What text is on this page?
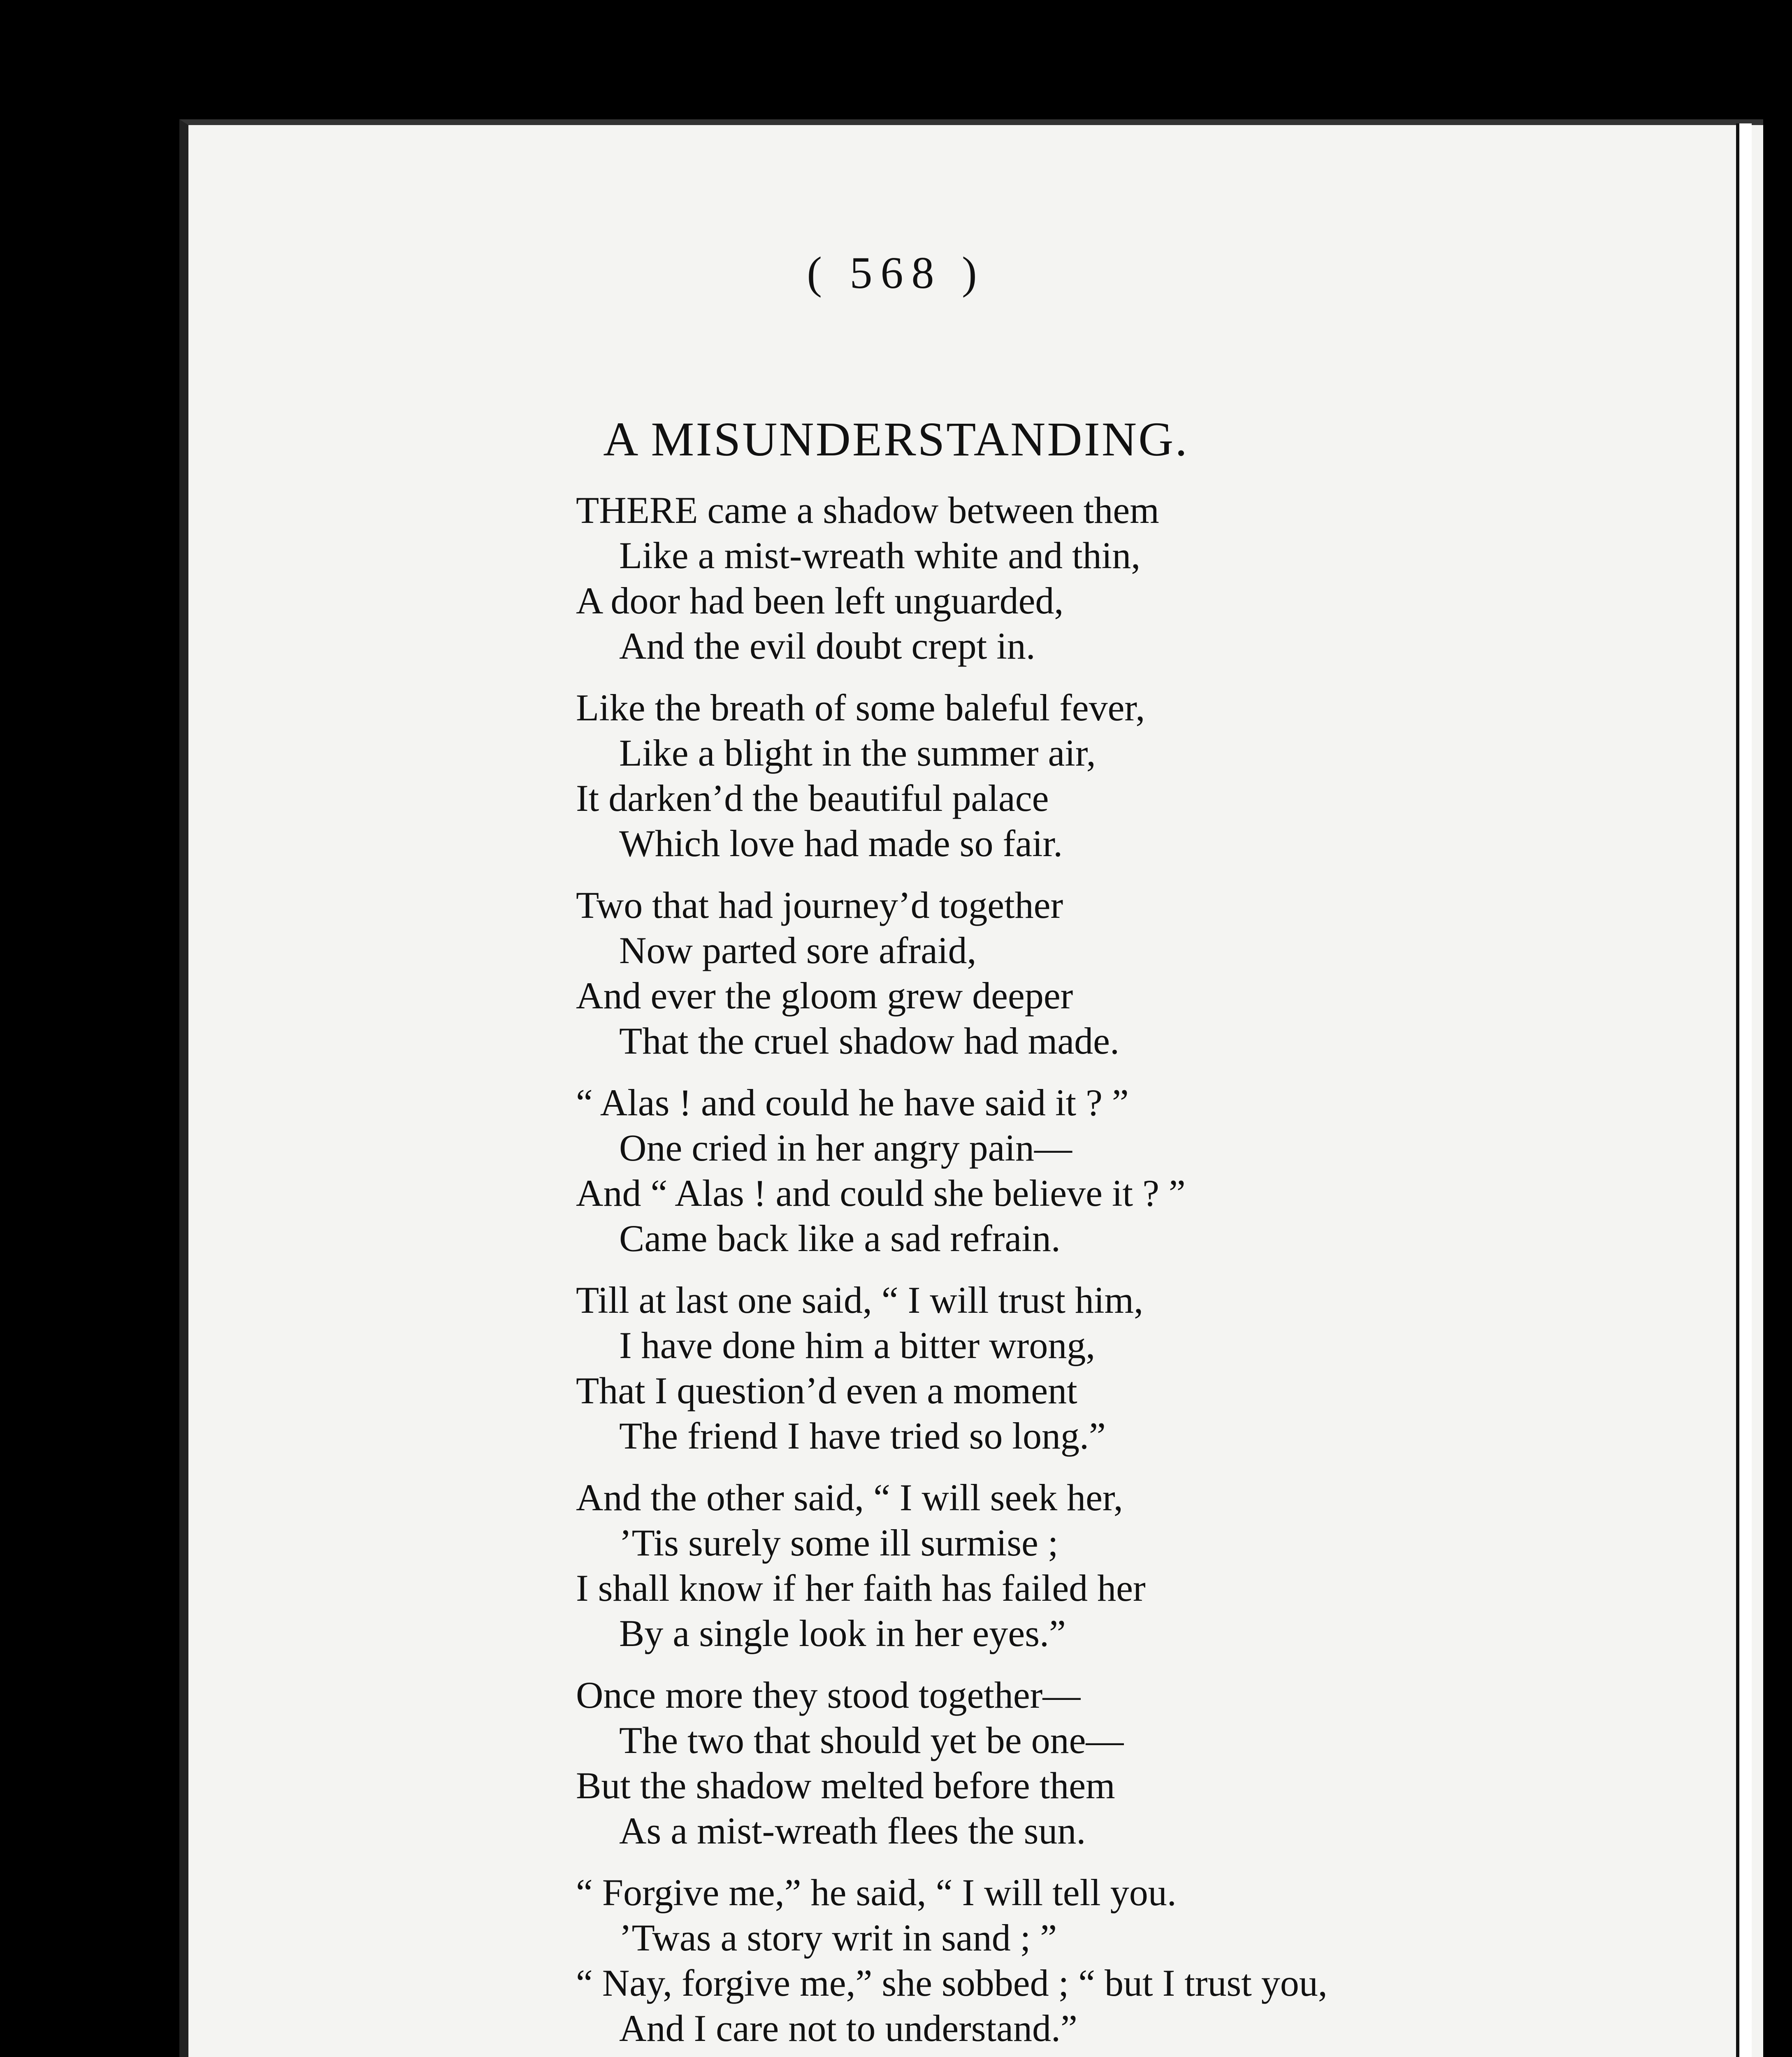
( 568 )
A MISUNDERSTANDING.
THERE came a shadow between them
Like a mist-wreath white and thin,
A door had been left unguarded,
And the evil doubt crept in.
Like the breath of some baleful fever,
Like a blight in the summer air,
It darken’d the beautiful palace
Which love had made so fair.
Two that had journey’d together
Now parted sore afraid,
And ever the gloom grew deeper
That the cruel shadow had made.
“ Alas ! and could he have said it ? ”
One cried in her angry pain—
And “ Alas ! and could she believe it ? ”
Came back like a sad refrain.
Till at last one said, “ I will trust him,
I have done him a bitter wrong,
That I question’d even a moment
The friend I have tried so long.”
And the other said, “ I will seek her,
’Tis surely some ill surmise ;
I shall know if her faith has failed her
By a single look in her eyes.”
Once more they stood together—
The two that should yet be one—
But the shadow melted before them
As a mist-wreath flees the sun.
“ Forgive me,” he said, “ I will tell you.
’Twas a story writ in sand ; ”
“ Nay, forgive me,” she sobbed ; “ but I trust you,
And I care not to understand.”
